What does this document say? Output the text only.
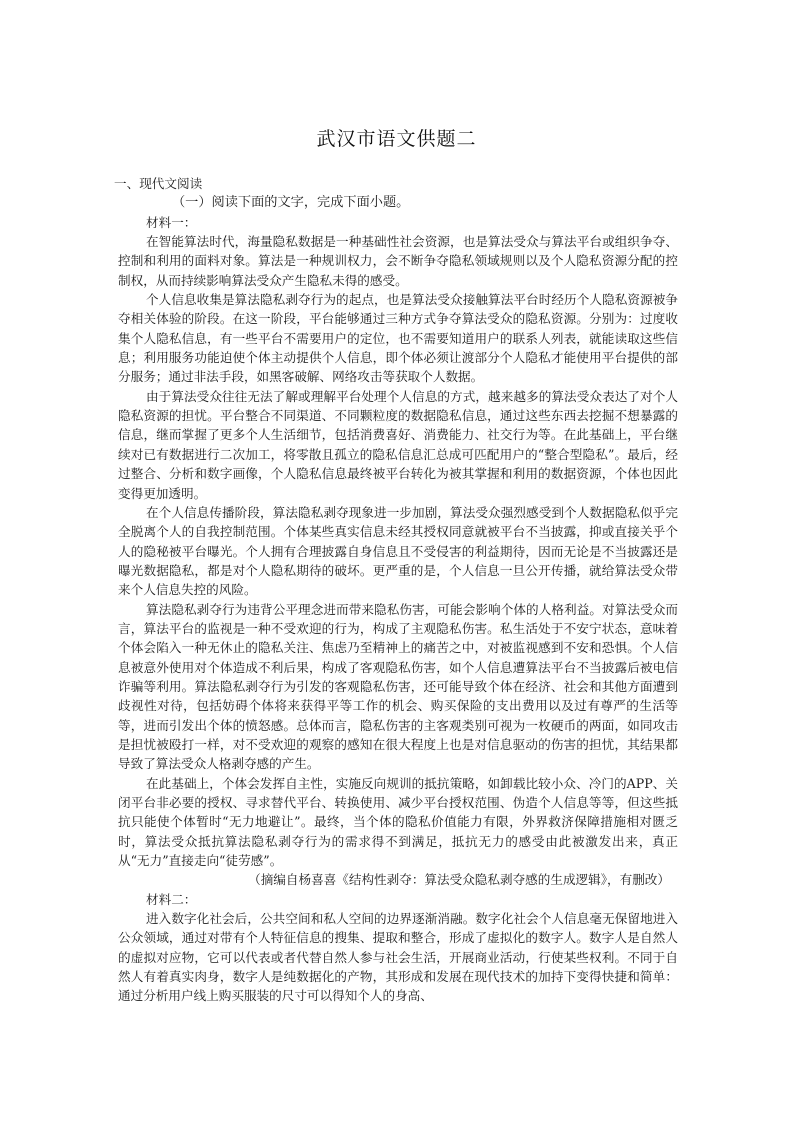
武汉市语文供题二

一、现代文阅读

（一）阅读下面的文字，完成下面小题。

材料一：

在智能算法时代，海量隐私数据是一种基础性社会资源，也是算法受众与算法平台或组织争夺、控制和利用的面料对象。算法是一种规训权力，会不断争夺隐私领域规则以及个人隐私资源分配的控制权，从而持续影响算法受众产生隐私未得的感受。

个人信息收集是算法隐私剥夺行为的起点，也是算法受众接触算法平台时经历个人隐私资源被争夺相关体验的阶段。在这一阶段，平台能够通过三种方式争夺算法受众的隐私资源。分别为：过度收集个人隐私信息，有一些平台不需要用户的定位，也不需要知道用户的联系人列表，就能读取这些信息；利用服务功能迫使个体主动提供个人信息，即个体必须让渡部分个人隐私才能使用平台提供的部分服务；通过非法手段，如黑客破解、网络攻击等获取个人数据。

由于算法受众往往无法了解或理解平台处理个人信息的方式，越来越多的算法受众表达了对个人隐私资源的担忧。平台整合不同渠道、不同颗粒度的数据隐私信息，通过这些东西去挖掘不想暴露的信息，继而掌握了更多个人生活细节，包括消费喜好、消费能力、社交行为等。在此基础上，平台继续对已有数据进行二次加工，将零散且孤立的隐私信息汇总成可匹配用户的“整合型隐私”。最后，经过整合、分析和数字画像，个人隐私信息最终被平台转化为被其掌握和利用的数据资源，个体也因此变得更加透明。

在个人信息传播阶段，算法隐私剥夺现象进一步加剧，算法受众强烈感受到个人数据隐私似乎完全脱离个人的自我控制范围。个体某些真实信息未经其授权同意就被平台不当披露，抑或直接关乎个人的隐秘被平台曝光。个人拥有合理披露自身信息且不受侵害的利益期待，因而无论是不当披露还是曝光数据隐私，都是对个人隐私期待的破坏。更严重的是，个人信息一旦公开传播，就给算法受众带来个人信息失控的风险。

算法隐私剥夺行为违背公平理念进而带来隐私伤害，可能会影响个体的人格利益。对算法受众而言，算法平台的监视是一种不受欢迎的行为，构成了主观隐私伤害。私生活处于不安宁状态，意味着个体会陷入一种无休止的隐私关注、焦虑乃至精神上的痛苦之中，对被监视感到不安和恐惧。个人信息被意外使用对个体造成不利后果，构成了客观隐私伤害，如个人信息遭算法平台不当披露后被电信诈骗等利用。算法隐私剥夺行为引发的客观隐私伤害，还可能导致个体在经济、社会和其他方面遭到歧视性对待，包括妨碍个体将来获得平等工作的机会、购买保险的支出费用以及过有尊严的生活等等，进而引发出个体的愤怒感。总体而言，隐私伤害的主客观类别可视为一枚硬币的两面，如同攻击是担忧被殴打一样，对不受欢迎的观察的感知在很大程度上也是对信息驱动的伤害的担忧，其结果都导致了算法受众人格剥夺感的产生。

在此基础上，个体会发挥自主性，实施反向规训的抵抗策略，如卸载比较小众、冷门的APP、关闭平台非必要的授权、寻求替代平台、转换使用、减少平台授权范围、伪造个人信息等等，但这些抵抗只能使个体暂时“无力地避让”。最终，当个体的隐私价值能力有限，外界救济保障措施相对匮乏时，算法受众抵抗算法隐私剥夺行为的需求得不到满足，抵抗无力的感受由此被激发出来，真正从“无力”直接走向“徒劳感”。

（摘编自杨喜喜《结构性剥夺：算法受众隐私剥夺感的生成逻辑》，有删改）

材料二：

进入数字化社会后，公共空间和私人空间的边界逐渐消融。数字化社会个人信息毫无保留地进入公众领域，通过对带有个人特征信息的搜集、提取和整合，形成了虚拟化的数字人。数字人是自然人的虚拟对应物，它可以代表或者代替自然人参与社会生活，开展商业活动，行使某些权利。不同于自然人有着真实肉身，数字人是纯数据化的产物，其形成和发展在现代技术的加持下变得快捷和简单：通过分析用户线上购买服装的尺寸可以得知个人的身高、
